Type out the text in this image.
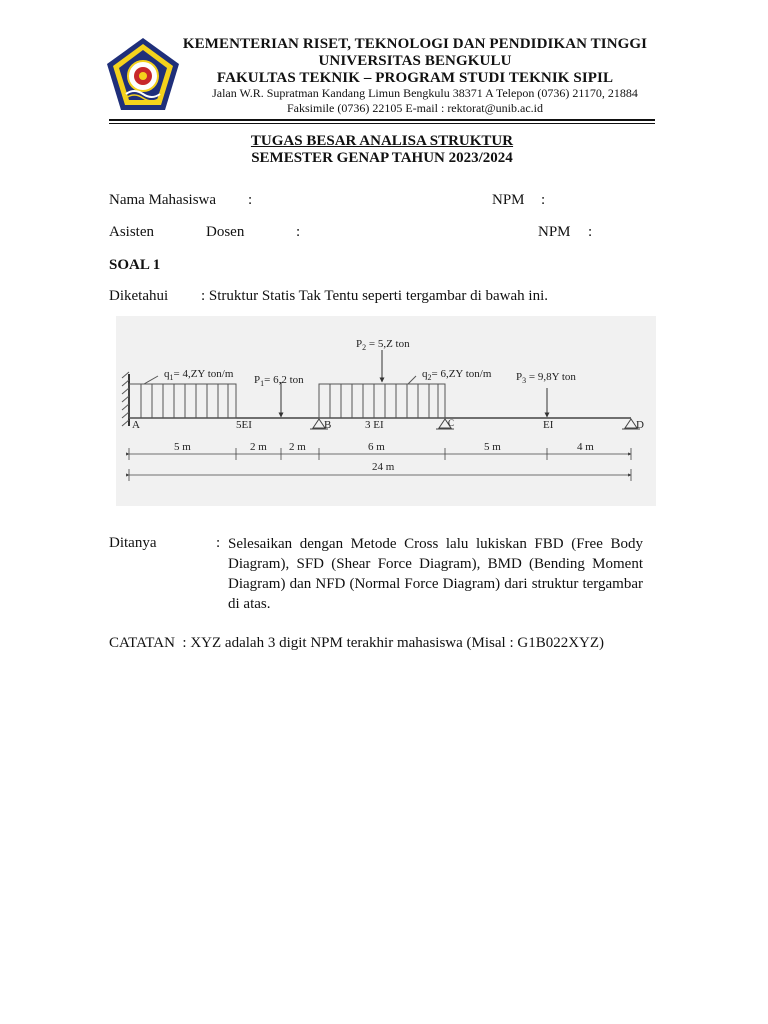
KEMENTERIAN RISET, TEKNOLOGI DAN PENDIDIKAN TINGGI
UNIVERSITAS BENGKULU
FAKULTAS TEKNIK – PROGRAM STUDI TEKNIK SIPIL
Jalan W.R. Supratman Kandang Limun Bengkulu 38371 A Telepon (0736) 21170, 21884
Faksimile (0736) 22105 E-mail : rektorat@unib.ac.id
TUGAS BESAR ANALISA STRUKTUR
SEMESTER GENAP TAHUN 2023/2024
Nama Mahasiswa :	NPM :
Asisten	Dosen	:	NPM :
SOAL 1
Diketahui : Struktur Statis Tak Tentu seperti tergambar di bawah ini.
$P_2 = 5,Z$ ton
$q_1= 4,ZY$ ton/m $P_1= 6,2$ ton	$q_2= 6,ZY$ ton/m $P_3 = 9,8Y$ ton
A	5EI	B	3 EI	C	EI	D
5 m	2 m 2 m	6 m	5 m	4 m
24 m
Ditanya	: Selesaikan dengan Metode Cross lalu lukiskan FBD (Free Body Diagram), SFD (Shear Force Diagram), BMD (Bending Moment Diagram) dan NFD (Normal Force Diagram) dari struktur tergambar di atas.
CATATAN  : XYZ adalah 3 digit NPM terakhir mahasiswa (Misal : G1B022XYZ)
